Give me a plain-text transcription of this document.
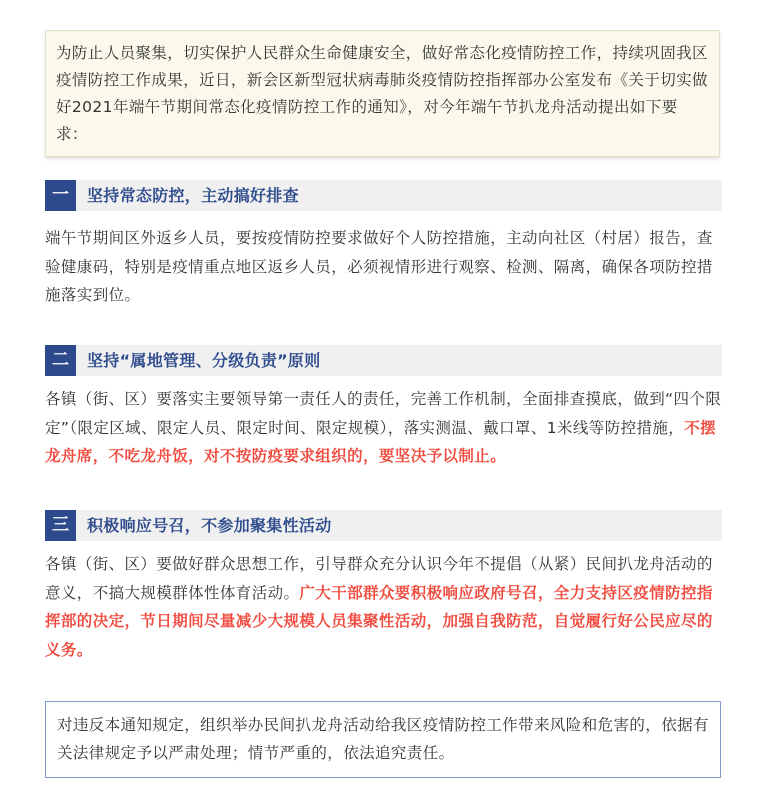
为防止人员聚集，切实保护人民群众生命健康安全，做好常态化疫情防控工作，持续巩固我区疫情防控工作成果，近日，新会区新型冠状病毒肺炎疫情防控指挥部办公室发布《关于切实做好2021年端午节期间常态化疫情防控工作的通知》，对今年端午节扒龙舟活动提出如下要求：
一	坚持常态防控，主动搞好排查
端午节期间区外返乡人员，要按疫情防控要求做好个人防控措施，主动向社区（村居）报告，查验健康码，特别是疫情重点地区返乡人员，必须视情形进行观察、检测、隔离，确保各项防控措施落实到位。
二	坚持“属地管理、分级负责”原则
各镇（街、区）要落实主要领导第一责任人的责任，完善工作机制，全面排查摸底，做到“四个限定”（限定区域、限定人员、限定时间、限定规模），落实测温、戴口罩、1米线等防控措施，不摆龙舟席，不吃龙舟饭，对不按防疫要求组织的，要坚决予以制止。
三	积极响应号召，不参加聚集性活动
各镇（街、区）要做好群众思想工作，引导群众充分认识今年不提倡（从紧）民间扒龙舟活动的意义，不搞大规模群体性体育活动。广大干部群众要积极响应政府号召，全力支持区疫情防控指挥部的决定，节日期间尽量减少大规模人员集聚性活动，加强自我防范，自觉履行好公民应尽的义务。
对违反本通知规定，组织举办民间扒龙舟活动给我区疫情防控工作带来风险和危害的，依据有关法律规定予以严肃处理；情节严重的，依法追究责任。
